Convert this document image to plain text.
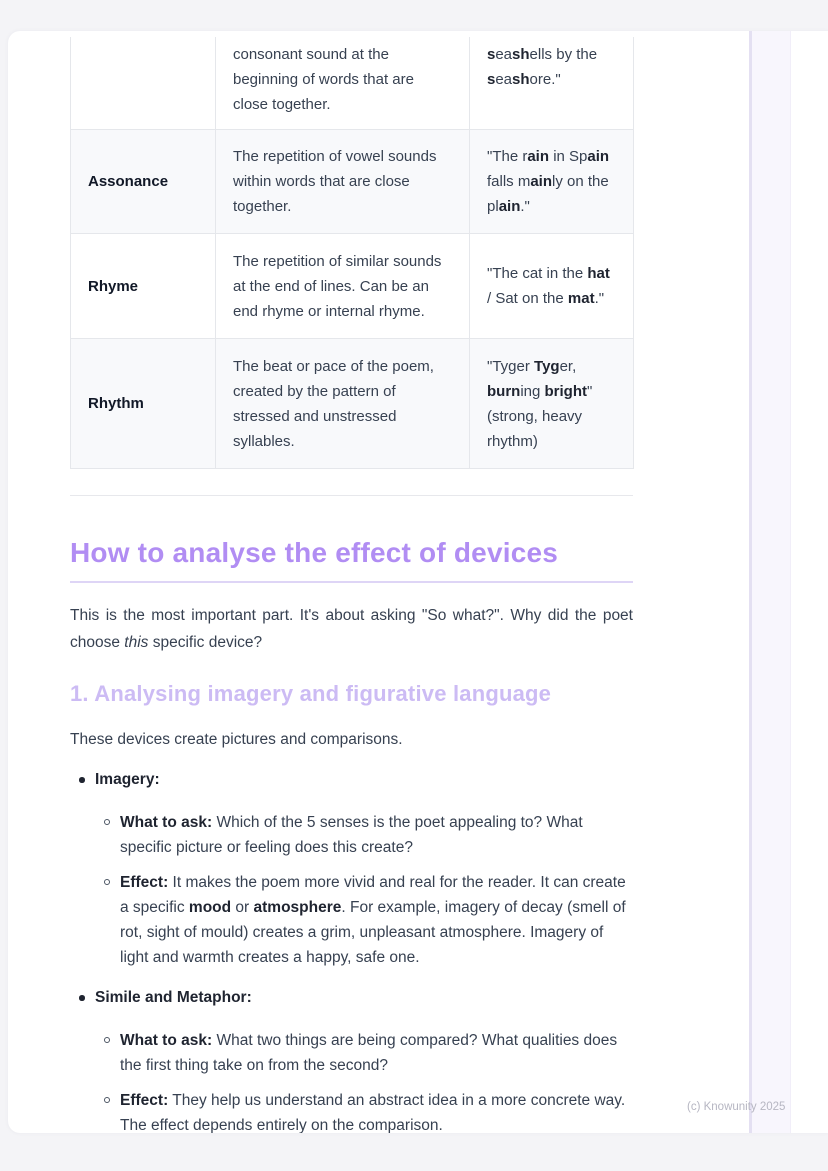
	consonant sound at the beginning of words that are close together.	seashells by the seashore."
Assonance	The repetition of vowel sounds within words that are close together.	"The rain in Spain falls mainly on the plain."
Rhyme	The repetition of similar sounds at the end of lines. Can be an end rhyme or internal rhyme.	"The cat in the hat / Sat on the mat."
Rhythm	The beat or pace of the poem, created by the pattern of stressed and unstressed syllables.	"Tyger Tyger, burning bright" (strong, heavy rhythm)
How to analyse the effect of devices

This is the most important part. It's about asking "So what?". Why did the poet choose this specific device?

1. Analysing imagery and figurative language

These devices create pictures and comparisons.

Imagery:
What to ask: Which of the 5 senses is the poet appealing to? What specific picture or feeling does this create?
Effect: It makes the poem more vivid and real for the reader. It can create a specific mood or atmosphere. For example, imagery of decay (smell of rot, sight of mould) creates a grim, unpleasant atmosphere. Imagery of light and warmth creates a happy, safe one.
Simile and Metaphor:
What to ask: What two things are being compared? What qualities does the first thing take on from the second?
Effect: They help us understand an abstract idea in a more concrete way. The effect depends entirely on the comparison.
(c) Knowunity 2025
